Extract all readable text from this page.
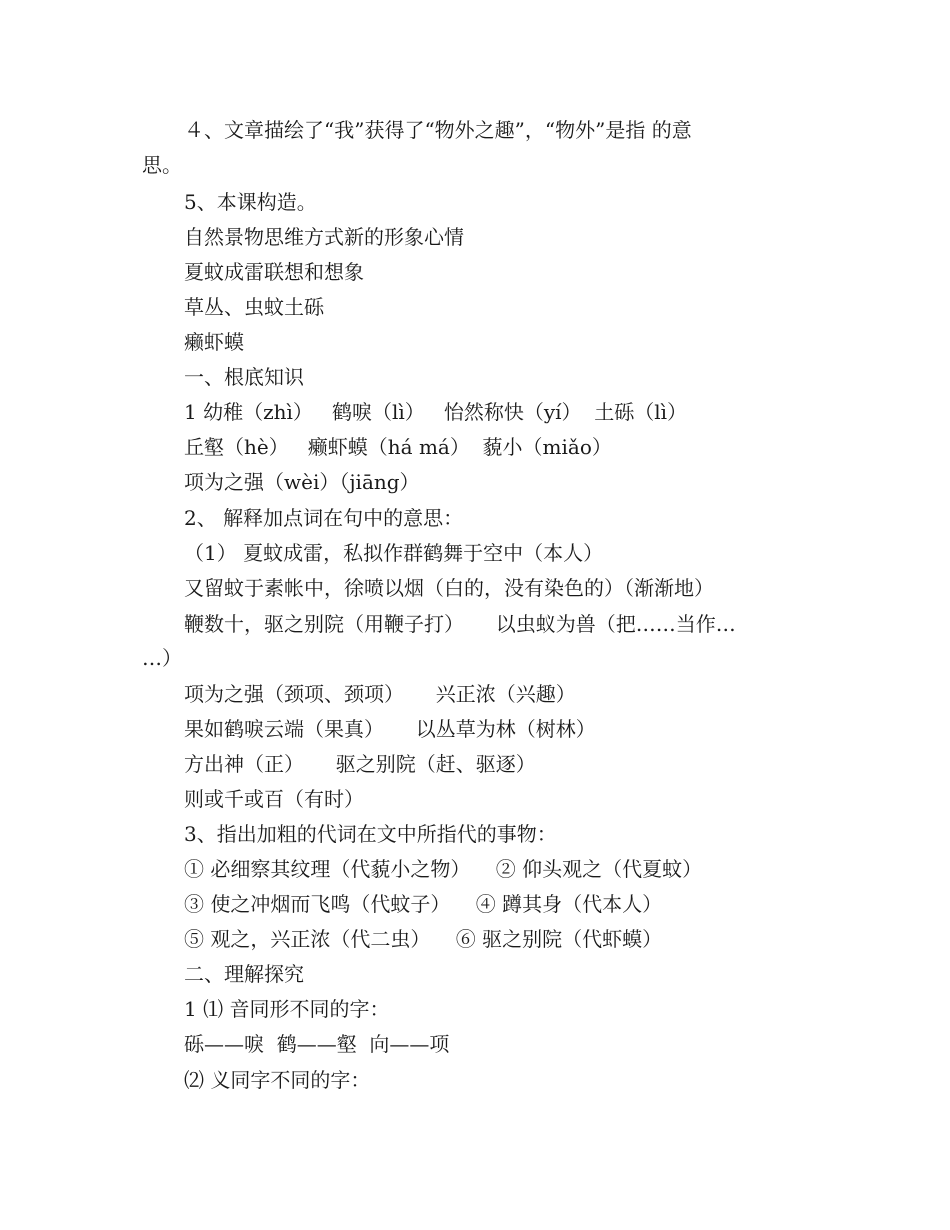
４、文章描绘了“我”获得了“物外之趣”，“物外”是指 的意
思。
5、本课构造。
自然景物思维方式新的形象心情
夏蚊成雷联想和想象
草丛、虫蚊土砾
癞虾蟆
一、根底知识
1 幼稚（zhì）   鹤唳（lì）   怡然称快（yí）  土砾（lì）
丘壑（hè）   癞虾蟆（há má）  藐小（miǎo）
项为之强（wèi）（jiāng）
2、 解释加点词在句中的意思：
（1） 夏蚊成雷，私拟作群鹤舞于空中（本人）
又留蚊于素帐中，徐喷以烟（白的，没有染色的）（渐渐地）
鞭数十，驱之别院（用鞭子打）     以虫蚁为兽（把……当作…
…）
项为之强（颈项、颈项）     兴正浓（兴趣）
果如鹤唳云端（果真）     以丛草为林（树林）
方出神（正）     驱之别院（赶、驱逐）
则或千或百（有时）
3、指出加粗的代词在文中所指代的事物：
① 必细察其纹理（代藐小之物）    ② 仰头观之（代夏蚊）
③ 使之冲烟而飞鸣（代蚊子）    ④ 蹲其身（代本人）
⑤ 观之，兴正浓（代二虫）    ⑥ 驱之别院（代虾蟆）
二、理解探究
1 ⑴ 音同形不同的字：
砾——唳  鹤——壑  向——项
⑵ 义同字不同的字：
